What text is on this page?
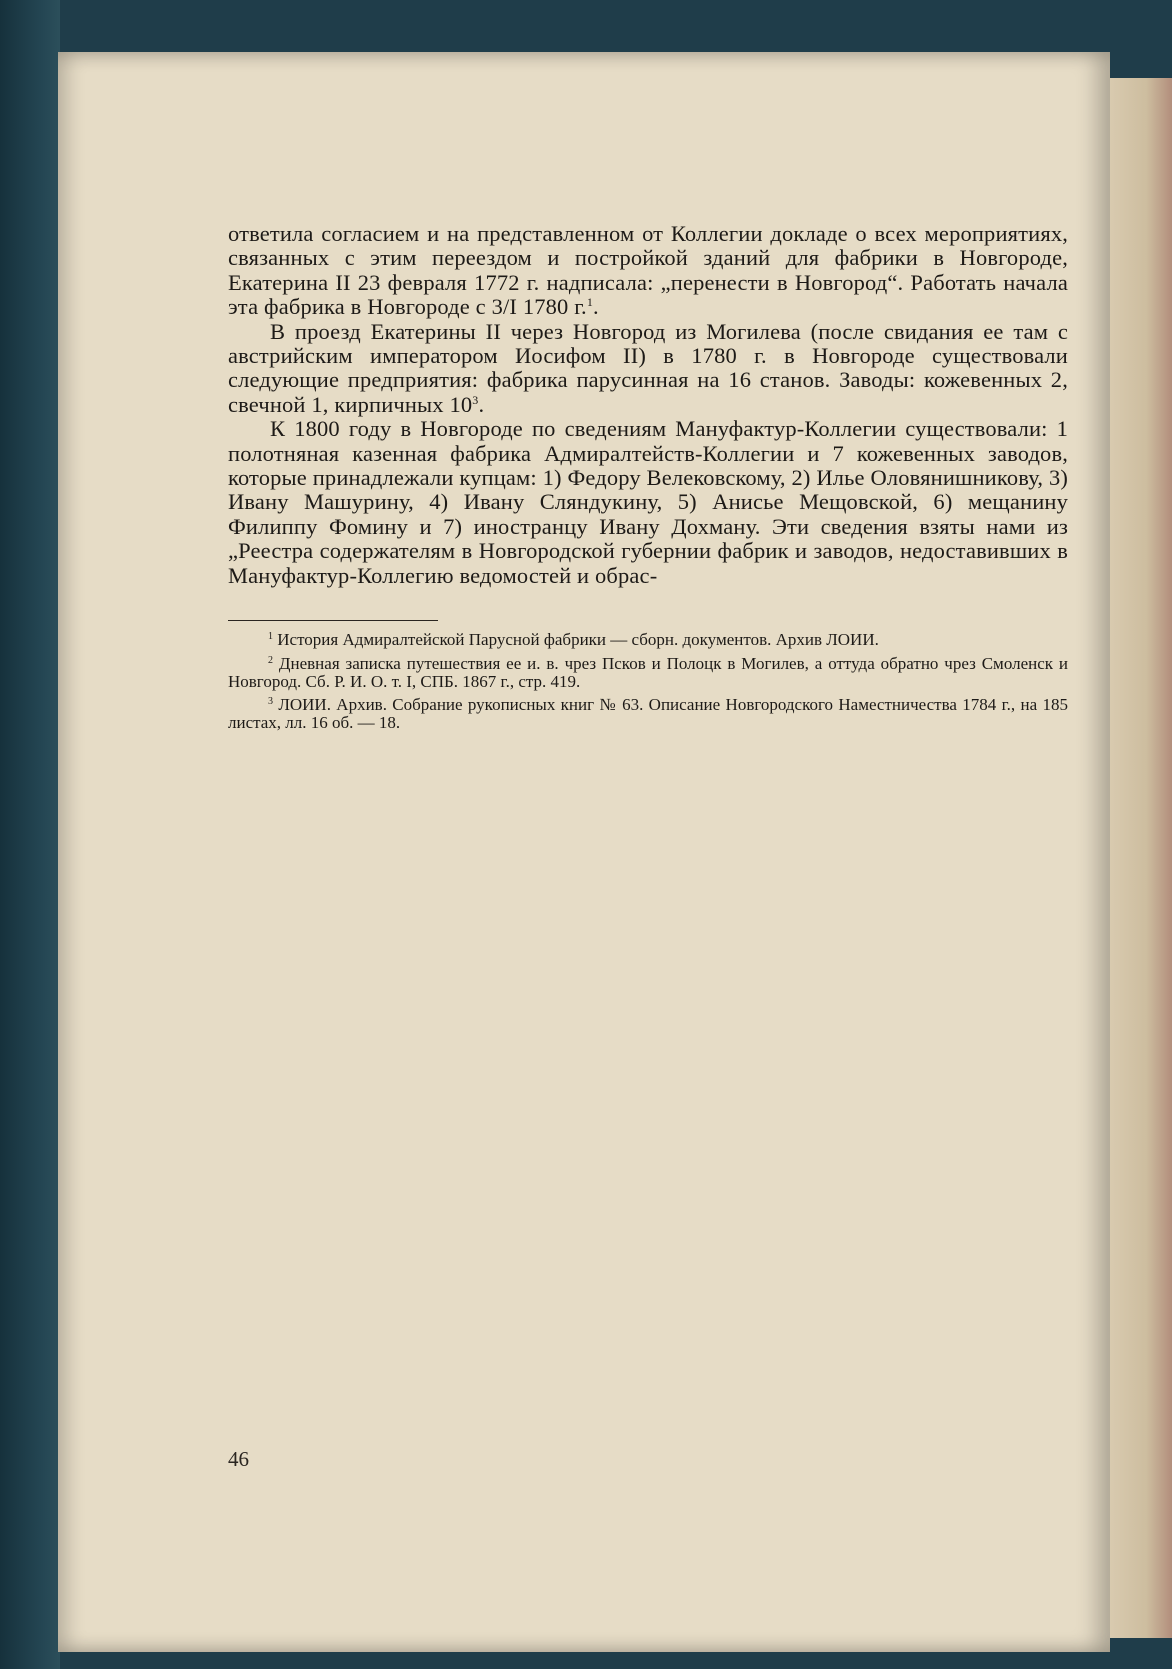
ответила согласием и на представленном от Коллегии докладе о всех мероприятиях, связанных с этим переездом и постройкой зданий для фабрики в Новгороде, Екатерина II 23 февраля 1772 г. надписала: „перенести в Новгород“. Работать начала эта фабрика в Новгороде с 3/I 1780 г.$^1$.

В проезд Екатерины II через Новгород из Могилева (после свидания ее там с австрийским императором Иосифом II) в 1780 г. в Новгороде существовали следующие предприятия: фабрика парусинная на 16 станов. Заводы: кожевенных 2, свечной 1, кирпичных $10^3$.

К 1800 году в Новгороде по сведениям Мануфактур-Коллегии существовали: 1 полотняная казенная фабрика Адмиралтейств-Коллегии и 7 кожевенных заводов, которые принадлежали купцам: 1) Федору Велековскому, 2) Илье Оловянишникову, 3) Ивану Машурину, 4) Ивану Сляндукину, 5) Анисье Мещовской, 6) мещанину Филиппу Фомину и 7) иностранцу Ивану Дохману. Эти сведения взяты нами из „Реестра содержателям в Новгородской губернии фабрик и заводов, недоставивших в Мануфактур-Коллегию ведомостей и обрас-

$^1$ История Адмиралтейской Парусной фабрики — сборн. документов. Архив ЛОИИ.

$^2$ Дневная записка путешествия ее и. в. чрез Псков и Полоцк в Могилев, а оттуда обратно чрез Смоленск и Новгород. Сб. Р. И. О. т. I, СПБ. 1867 г., стр. 419.

$^3$ ЛОИИ. Архив. Собрание рукописных книг № 63. Описание Новгородского Наместничества 1784 г., на 185 листах, лл. 16 об. — 18.

46
